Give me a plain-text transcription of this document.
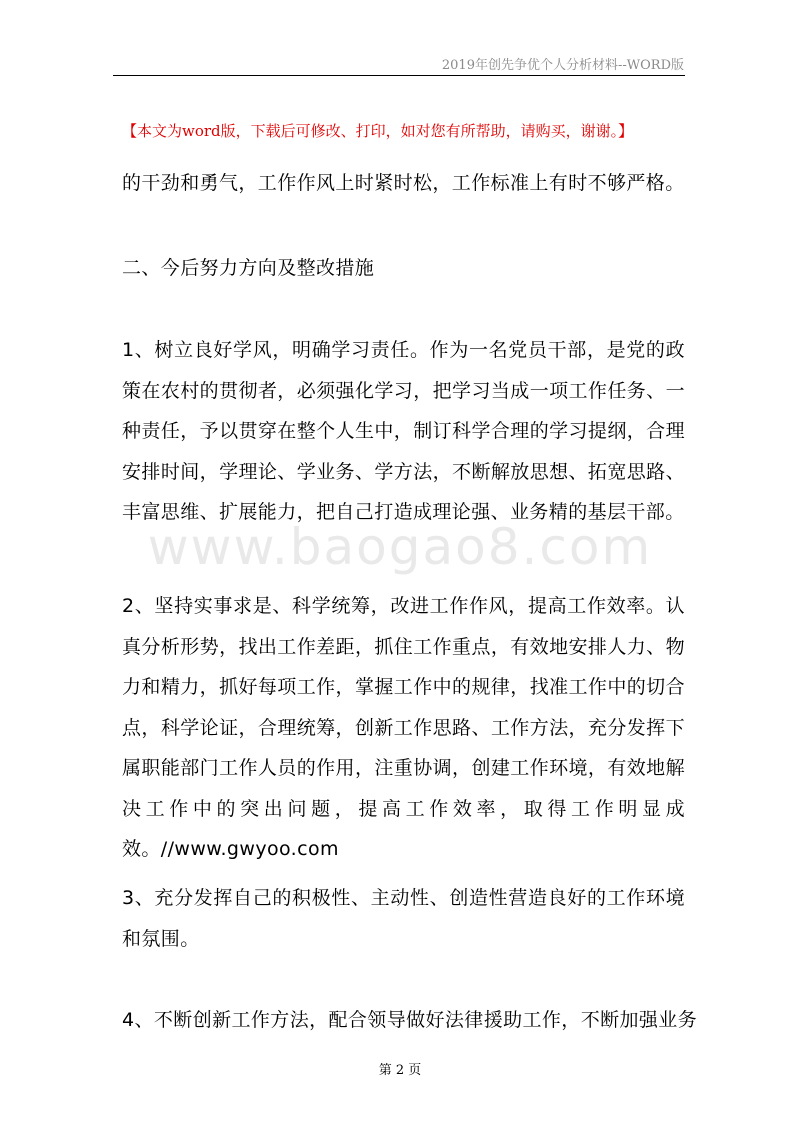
2019年创先争优个人分析材料--WORD版
【本文为word版，下载后可修改、打印，如对您有所帮助，请购买，谢谢。】
www.baogao8.com

的干劲和勇气，工作作风上时紧时松，工作标准上有时不够严格。

二、今后努力方向及整改措施

1、树立良好学风，明确学习责任。作为一名党员干部，是党的政策在农村的贯彻者，必须强化学习，把学习当成一项工作任务、一种责任，予以贯穿在整个人生中，制订科学合理的学习提纲，合理安排时间，学理论、学业务、学方法，不断解放思想、拓宽思路、丰富思维、扩展能力，把自己打造成理论强、业务精的基层干部。

2、坚持实事求是、科学统筹，改进工作作风，提高工作效率。认真分析形势，找出工作差距，抓住工作重点，有效地安排人力、物力和精力，抓好每项工作，掌握工作中的规律，找准工作中的切合点，科学论证，合理统筹，创新工作思路、工作方法，充分发挥下属职能部门工作人员的作用，注重协调，创建工作环境，有效地解决工作中的突出问题，提高工作效率，取得工作明显成效。//www.gwyoo.com

3、充分发挥自己的积极性、主动性、创造性营造良好的工作环境和氛围。

4、不断创新工作方法，配合领导做好法律援助工作，不断加强业务

第 2 页
